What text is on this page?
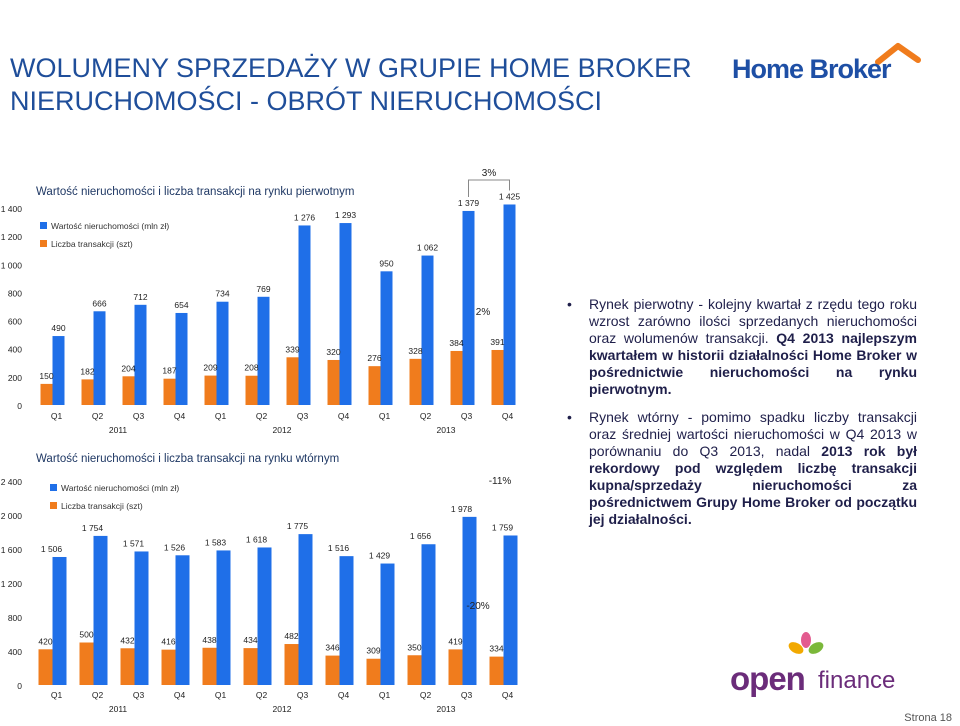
WOLUMENY SPRZEDAŻY W GRUPIE HOME BROKER
NIERUCHOMOŚCI - OBRÓT NIERUCHOMOŚCI
Home Broker
0
200
400
600
800
1 000
1 200
1 400
Wartość nieruchomości i liczba transakcji na rynku pierwotnym
Wartość nieruchomości (mln zł)
Liczba transakcji (szt)
490
150
Q1
666
182
Q2
712
204
Q3
654
187
Q4
734
209
Q1
769
208
Q2
1 276
339
Q3
1 293
320
Q4
950
276
Q1
1 062
328
Q2
1 379
384
Q3
1 425
391
Q4
2011	2012	2013
3%
2%
0
400
800
1 200
1 600
2 000
2 400
Wartość nieruchomości i liczba transakcji na rynku wtórnym
Wartość nieruchomości (mln zł)
Liczba transakcji (szt)
1 506
420
Q1
1 754
500
Q2
1 571
432
Q3
1 526
416
Q4
1 583
438
Q1
1 618
434
Q2
1 775
482
Q3
1 516
346
Q4
1 429
309
Q1
1 656
350
Q2
1 978
419
Q3
1 759
334
Q4
2011	2012	2013
-11%
-20%
• Rynek pierwotny - kolejny kwartał z rzędu tego roku wzrost zarówno ilości sprzedanych nieruchomości oraz wolumenów transakcji. Q4 2013 najlepszym kwartałem w historii działalności Home Broker w pośrednictwie nieruchomości na rynku pierwotnym.
• Rynek wtórny - pomimo spadku liczby transakcji oraz średniej wartości nieruchomości w Q4 2013 w porównaniu do Q3 2013, nadal 2013 rok był rekordowy pod względem liczbę transakcji kupna/sprzedaży nieruchomości za pośrednictwem Grupy Home Broker od początku jej działalności.
open finance
Strona 18
